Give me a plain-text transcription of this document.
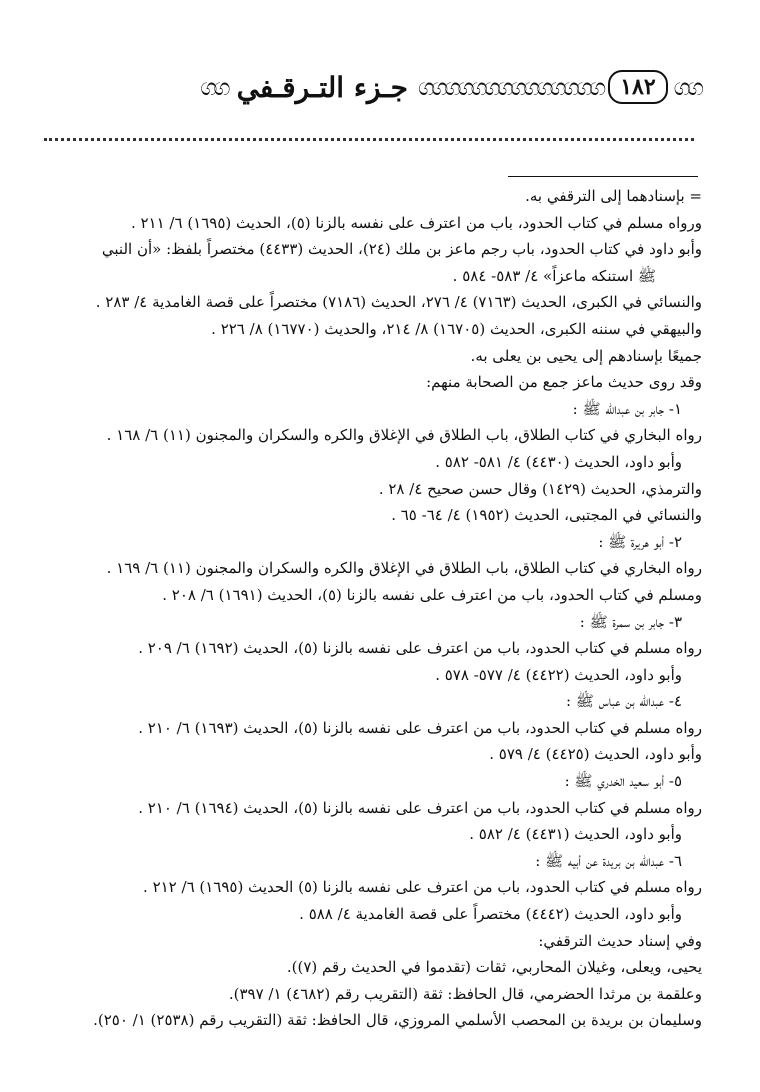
ගග
١٨٢
ගගගගගගගගගගගගගග
جـزء التـرقـفي
ගග

= بإسنادهما إلى الترقفي به.

ورواه مسلم في كتاب الحدود، باب من اعترف على نفسه بالزنا (٥)، الحديث (١٦٩٥) ٦/ ٢١١ .

وأبو داود في كتاب الحدود، باب رجم ماعز بن ملك (٢٤)، الحديث (٤٤٣٣) مختصراً بلفظ: «أن النبي

ﷺ استنكه ماعزاً» ٤/ ٥٨٣- ٥٨٤ .

والنسائي في الكبرى، الحديث (٧١٦٣) ٤/ ٢٧٦، الحديث (٧١٨٦) مختصراً على قصة الغامدية ٤/ ٢٨٣ .

والبيهقي في سننه الكبرى، الحديث (١٦٧٠٥) ٨/ ٢١٤، والحديث (١٦٧٧٠) ٨/ ٢٢٦ .

جميعًا بإسنادهم إلى يحيى بن يعلى به.

وقد روى حديث ماعز جمع من الصحابة منهم:

١- جابر بن عبدالله ﷺ :

رواه البخاري في كتاب الطلاق، باب الطلاق في الإغلاق والكره والسكران والمجنون (١١) ٦/ ١٦٨ .

وأبو داود، الحديث (٤٤٣٠) ٤/ ٥٨١- ٥٨٢ .

والترمذي، الحديث (١٤٢٩) وقال حسن صحيح ٤/ ٢٨ .

والنسائي في المجتبى، الحديث (١٩٥٢) ٤/ ٦٤- ٦٥ .

٢- أبو هريرة ﷺ :

رواه البخاري في كتاب الطلاق، باب الطلاق في الإغلاق والكره والسكران والمجنون (١١) ٦/ ١٦٩ .

ومسلم في كتاب الحدود، باب من اعترف على نفسه بالزنا (٥)، الحديث (١٦٩١) ٦/ ٢٠٨ .

٣- جابر بن سمرة ﷺ :

رواه مسلم في كتاب الحدود، باب من اعترف على نفسه بالزنا (٥)، الحديث (١٦٩٢) ٦/ ٢٠٩ .

وأبو داود، الحديث (٤٤٢٢) ٤/ ٥٧٧- ٥٧٨ .

٤- عبدالله بن عباس ﷺ :

رواه مسلم في كتاب الحدود، باب من اعترف على نفسه بالزنا (٥)، الحديث (١٦٩٣) ٦/ ٢١٠ .

وأبو داود، الحديث (٤٤٢٥) ٤/ ٥٧٩ .

٥- أبو سعيد الخدري ﷺ :

رواه مسلم في كتاب الحدود، باب من اعترف على نفسه بالزنا (٥)، الحديث (١٦٩٤) ٦/ ٢١٠ .

وأبو داود، الحديث (٤٤٣١) ٤/ ٥٨٢ .

٦- عبدالله بن بريدة عن أبيه ﷺ :

رواه مسلم في كتاب الحدود، باب من اعترف على نفسه بالزنا (٥) الحديث (١٦٩٥) ٦/ ٢١٢ .

وأبو داود، الحديث (٤٤٤٢) مختصراً على قصة الغامدية ٤/ ٥٨٨ .

وفي إسناد حديث الترقفي:

يحيى، ويعلى، وغيلان المحاربي، ثقات (تقدموا في الحديث رقم (٧)).

وعلقمة بن مرثدا الحضرمي، قال الحافظ: ثقة (التقريب رقم (٤٦٨٢) ١/ ٣٩٧).

وسليمان بن بريدة بن المحصب الأسلمي المروزي، قال الحافظ: ثقة (التقريب رقم (٢٥٣٨) ١/ ٢٥٠).
